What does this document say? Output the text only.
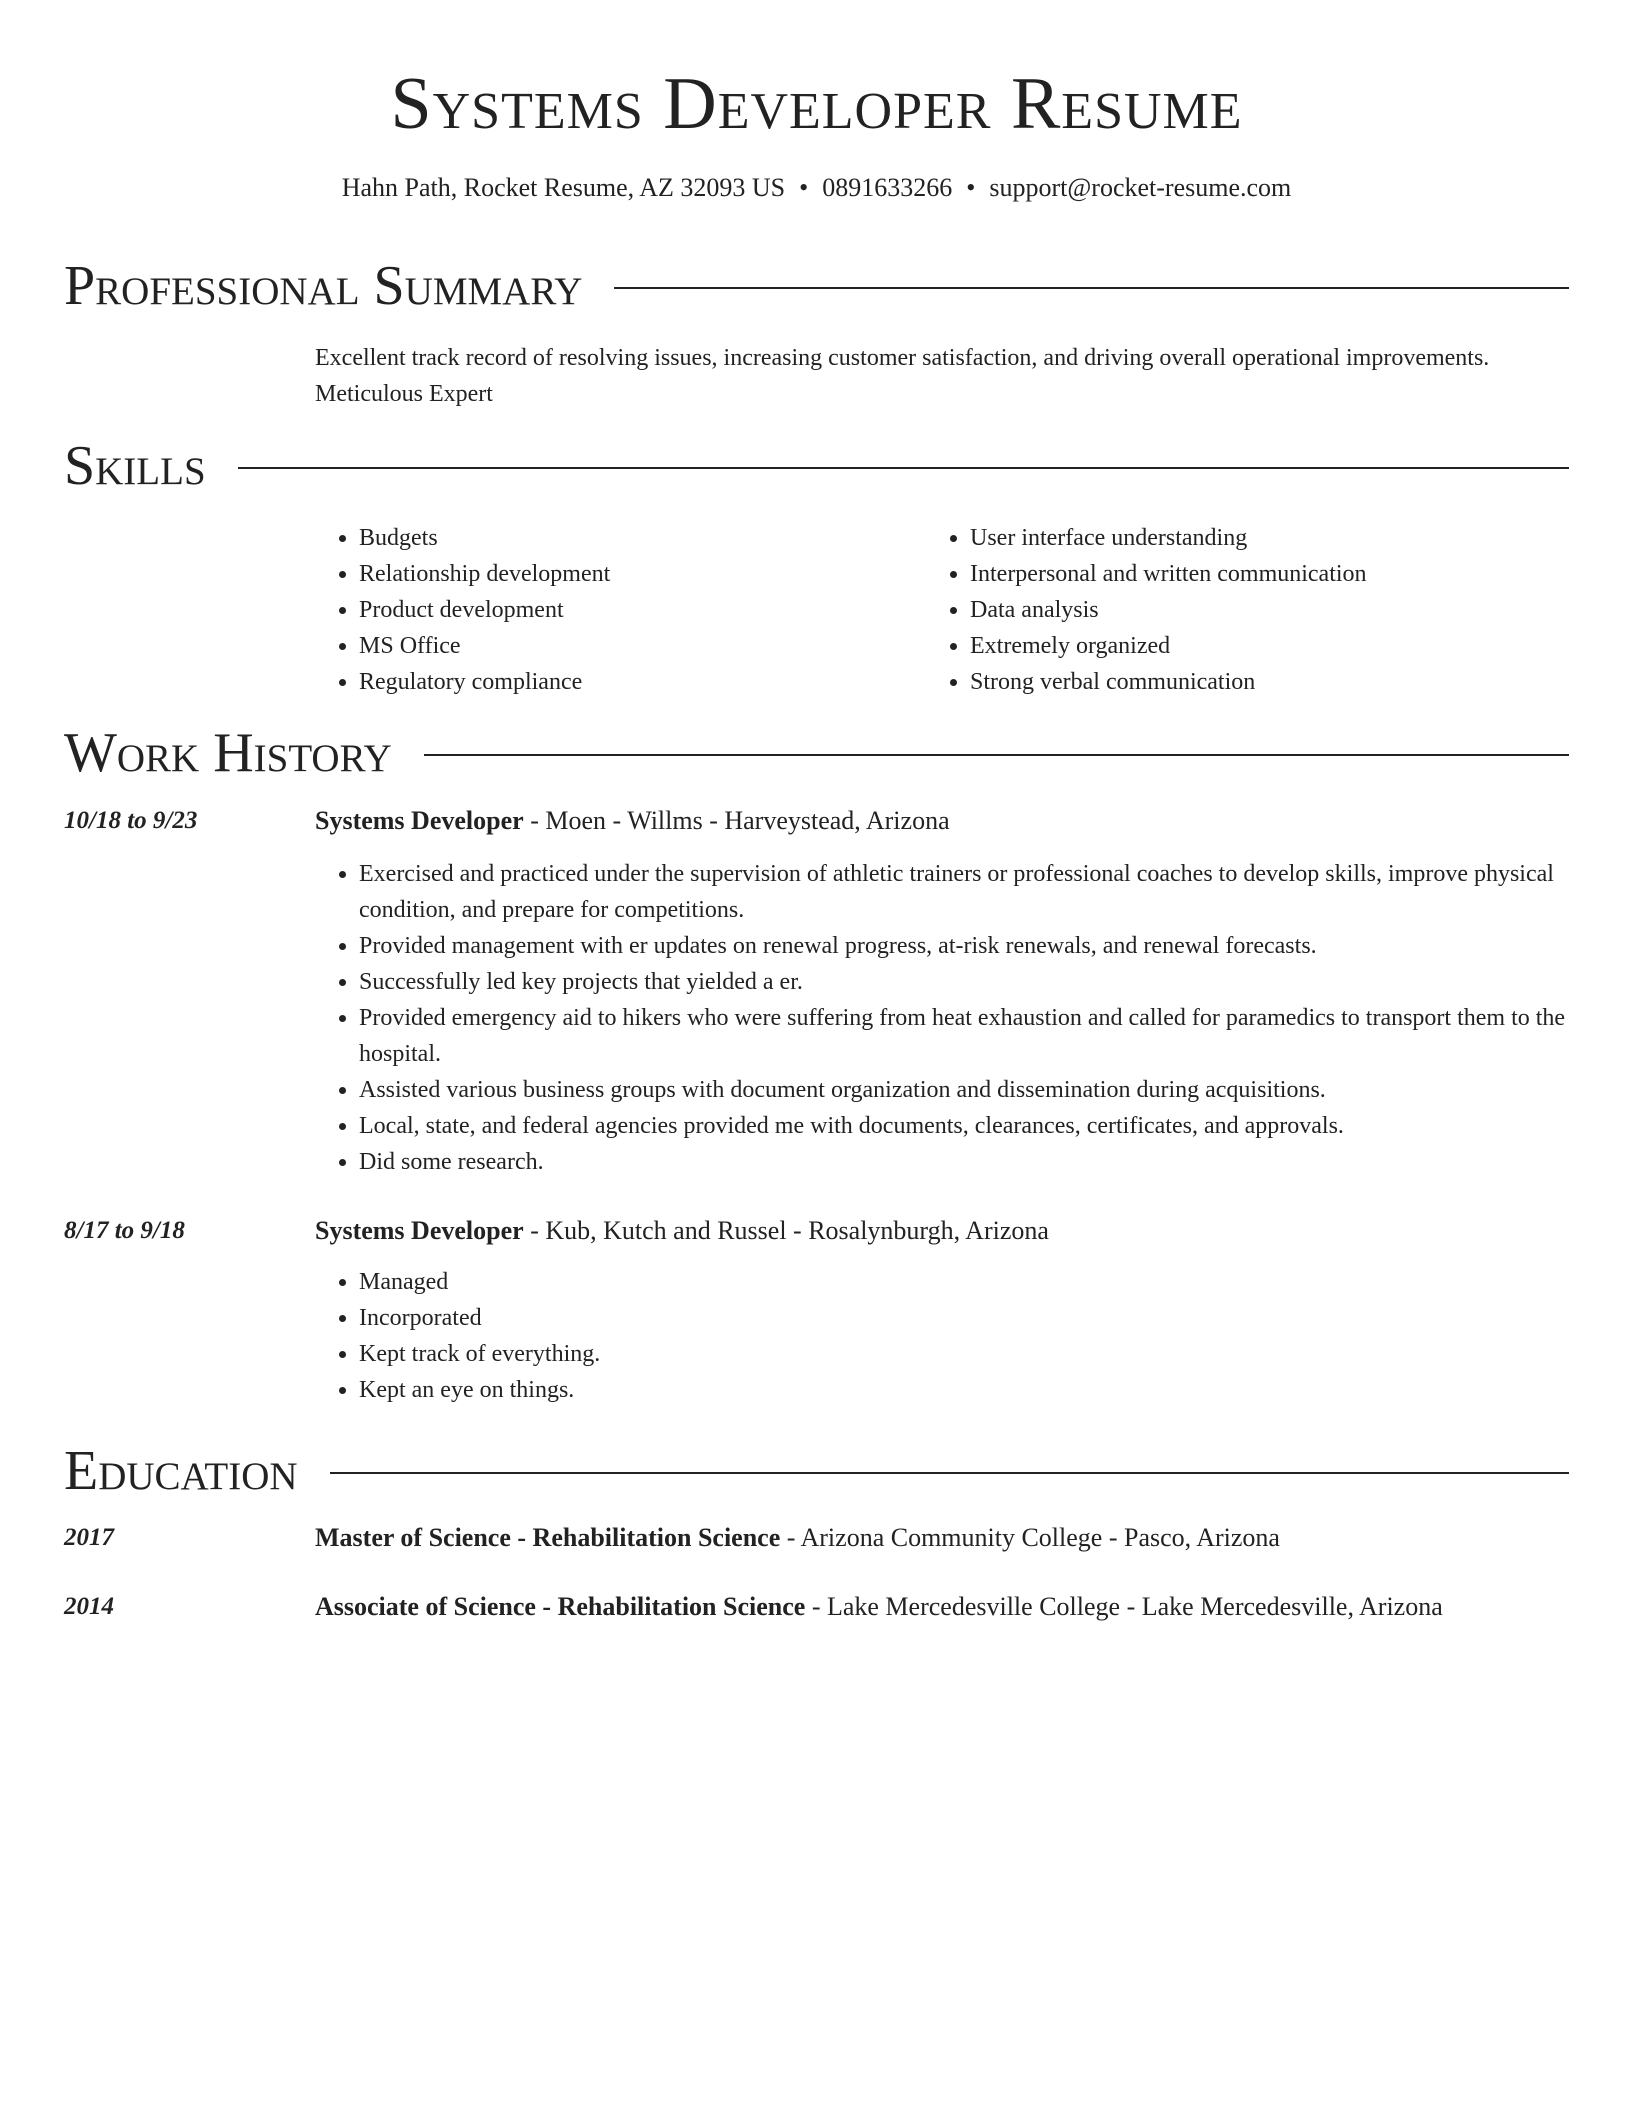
Systems Developer Resume
Hahn Path, Rocket Resume, AZ 32093 US • 0891633266 • support@rocket-resume.com
Professional Summary

Excellent track record of resolving issues, increasing customer satisfaction, and driving overall operational improvements. Meticulous Expert

Skills
• Budgets
• Relationship development
• Product development
• MS Office
• Regulatory compliance
• User interface understanding
• Interpersonal and written communication
• Data analysis
• Extremely organized
• Strong verbal communication
Work History
10/18 to 9/23	Systems Developer - Moen - Willms - Harveystead, Arizona
• Exercised and practiced under the supervision of athletic trainers or professional coaches to develop skills, improve physical condition, and prepare for competitions.
• Provided management with er updates on renewal progress, at-risk renewals, and renewal forecasts.
• Successfully led key projects that yielded a er.
• Provided emergency aid to hikers who were suffering from heat exhaustion and called for paramedics to transport them to the hospital.
• Assisted various business groups with document organization and dissemination during acquisitions.
• Local, state, and federal agencies provided me with documents, clearances, certificates, and approvals.
• Did some research.
8/17 to 9/18	Systems Developer - Kub, Kutch and Russel - Rosalynburgh, Arizona
• Managed
• Incorporated
• Kept track of everything.
• Kept an eye on things.
Education
2017	Master of Science - Rehabilitation Science - Arizona Community College - Pasco, Arizona
2014	Associate of Science - Rehabilitation Science - Lake Mercedesville College - Lake Mercedesville, Arizona
